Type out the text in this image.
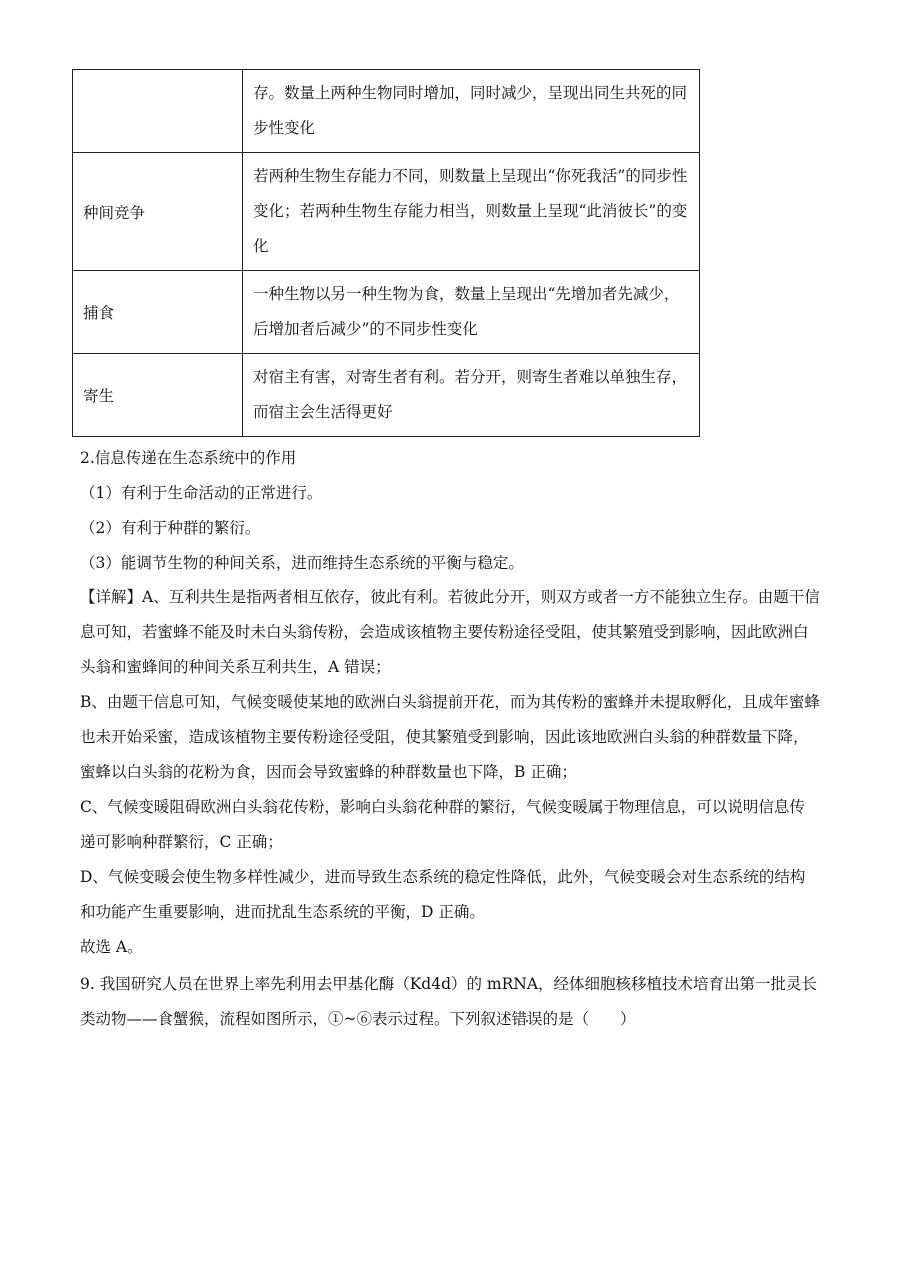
	存。数量上两种生物同时增加，同时减少，呈现出同生共死的同步性变化
种间竞争	若两种生物生存能力不同，则数量上呈现出“你死我活”的同步性变化；若两种生物生存能力相当，则数量上呈现“此消彼长”的变化
捕食	一种生物以另一种生物为食，数量上呈现出“先增加者先减少，后增加者后减少”的不同步性变化
寄生	对宿主有害，对寄生者有利。若分开，则寄生者难以单独生存，而宿主会生活得更好
2.信息传递在生态系统中的作用
（1）有利于生命活动的正常进行。
（2）有利于种群的繁衍。
（3）能调节生物的种间关系，进而维持生态系统的平衡与稳定。
【详解】A、互利共生是指两者相互依存，彼此有利。若彼此分开，则双方或者一方不能独立生存。由题干信息可知，若蜜蜂不能及时未白头翁传粉，会造成该植物主要传粉途径受阻，使其繁殖受到影响，因此欧洲白头翁和蜜蜂间的种间关系互利共生，A 错误；
B、由题干信息可知，气候变暖使某地的欧洲白头翁提前开花，而为其传粉的蜜蜂并未提取孵化，且成年蜜蜂也未开始采蜜，造成该植物主要传粉途径受阻，使其繁殖受到影响，因此该地欧洲白头翁的种群数量下降，蜜蜂以白头翁的花粉为食，因而会导致蜜蜂的种群数量也下降，B 正确；
C、气候变暖阻碍欧洲白头翁花传粉，影响白头翁花种群的繁衍，气候变暖属于物理信息，可以说明信息传递可影响种群繁衍，C 正确；
D、气候变暖会使生物多样性减少，进而导致生态系统的稳定性降低，此外，气候变暖会对生态系统的结构和功能产生重要影响，进而扰乱生态系统的平衡，D 正确。
故选 A。
9. 我国研究人员在世界上率先利用去甲基化酶（Kd4d）的 mRNA，经体细胞核移植技术培育出第一批灵长类动物——食蟹猴，流程如图所示，①~⑥表示过程。下列叙述错误 ·的是（　　）
